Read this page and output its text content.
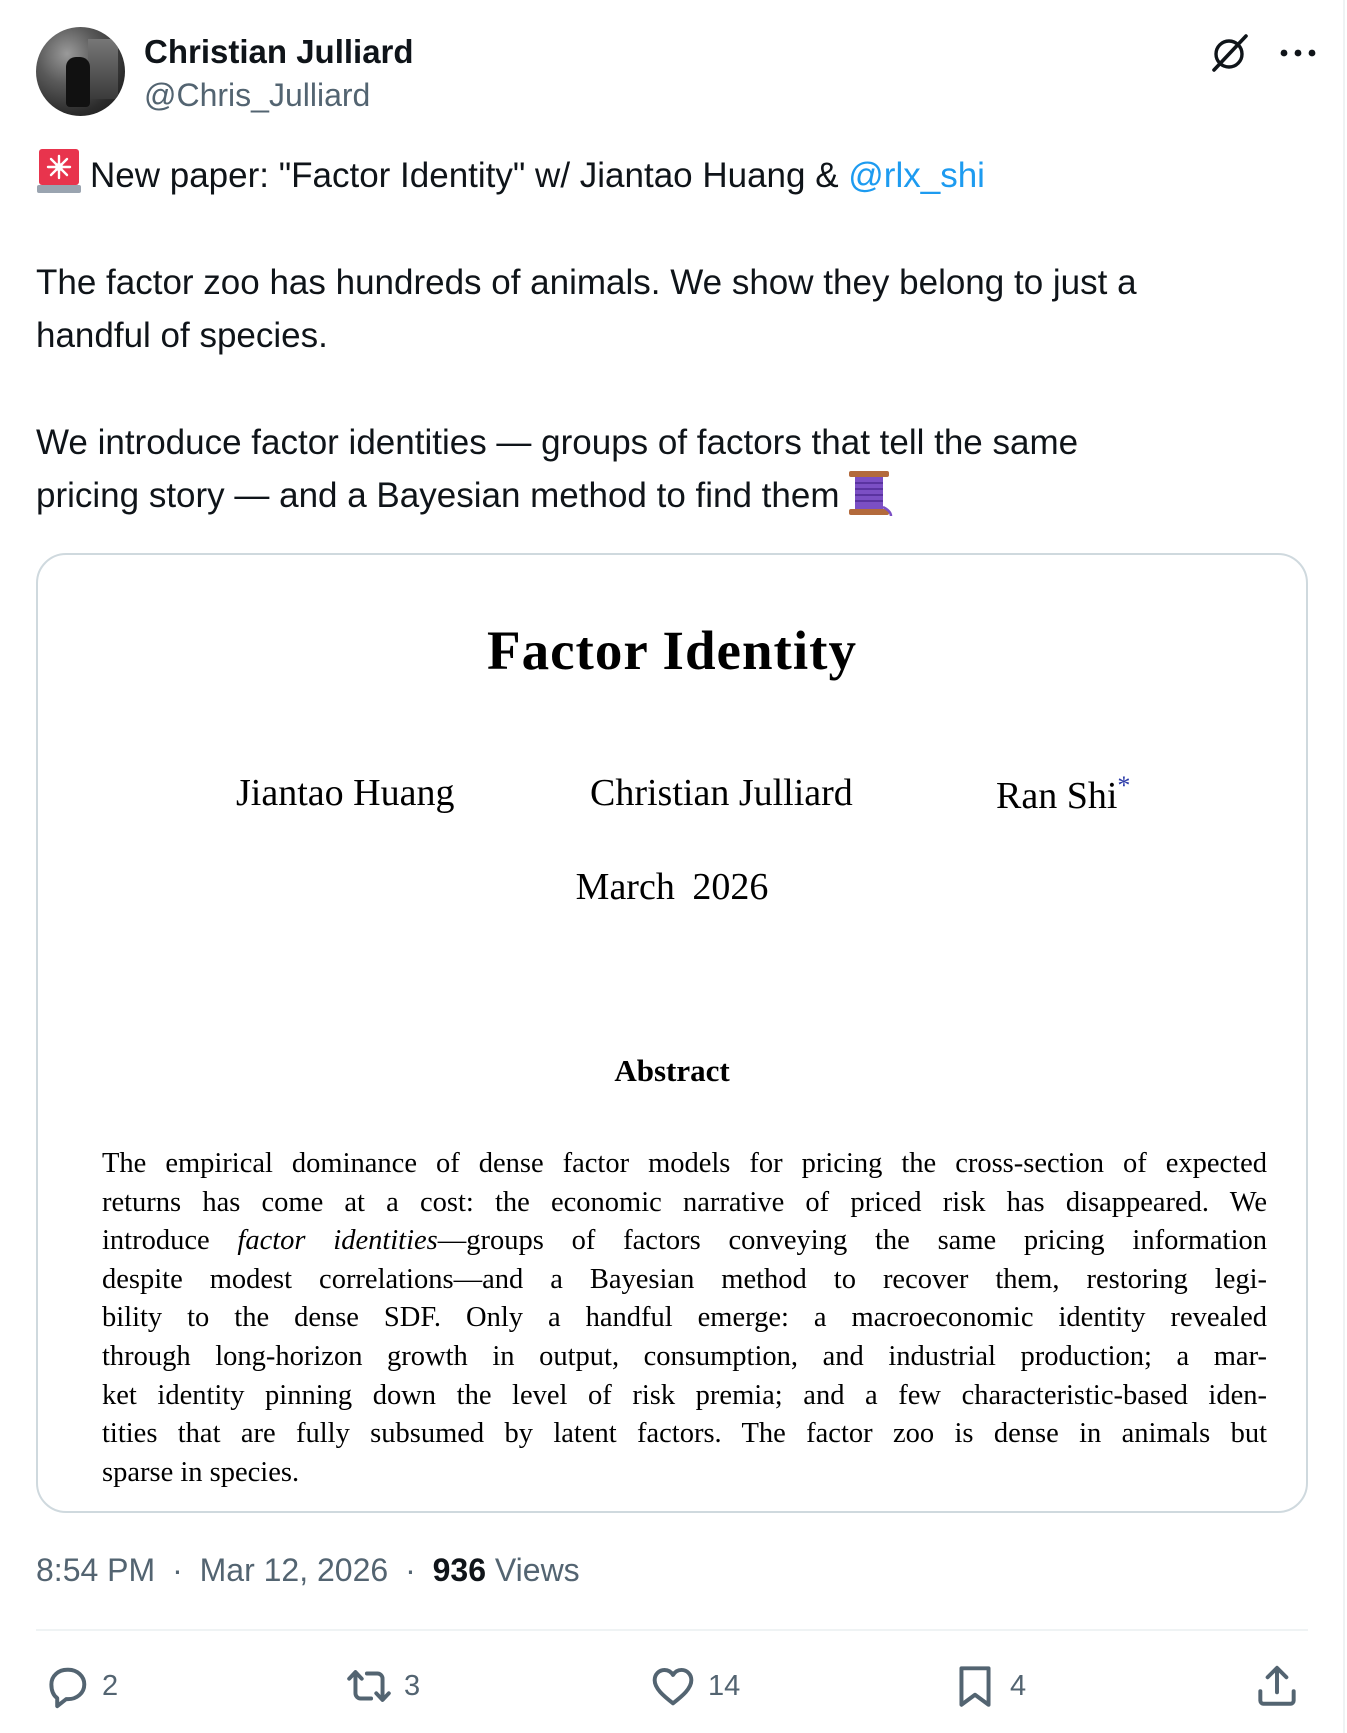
Christian Julliard
@Chris_Julliard

New paper: "Factor Identity" w/ Jiantao Huang & @rlx_shi

The factor zoo has hundreds of animals. We show they belong to just a

handful of species.

We introduce factor identities — groups of factors that tell the same

pricing story — and a Bayesian method to find them

Factor Identity
Jiantao Huang	Christian Julliard	Ran Shi*
March 2026
Abstract
The empirical dominance of dense factor models for pricing the cross-section of expected
returns has come at a cost: the economic narrative of priced risk has disappeared. We
introduce factor identities—groups of factors conveying the same pricing information
despite modest correlations—and a Bayesian method to recover them, restoring legi-
bility to the dense SDF. Only a handful emerge: a macroeconomic identity revealed
through long-horizon growth in output, consumption, and industrial production; a mar-
ket identity pinning down the level of risk premia; and a few characteristic-based iden-
tities that are fully subsumed by latent factors. The factor zoo is dense in animals but
sparse in species.
8:54 PM · Mar 12, 2026 · 936 Views
2	3	14	4
